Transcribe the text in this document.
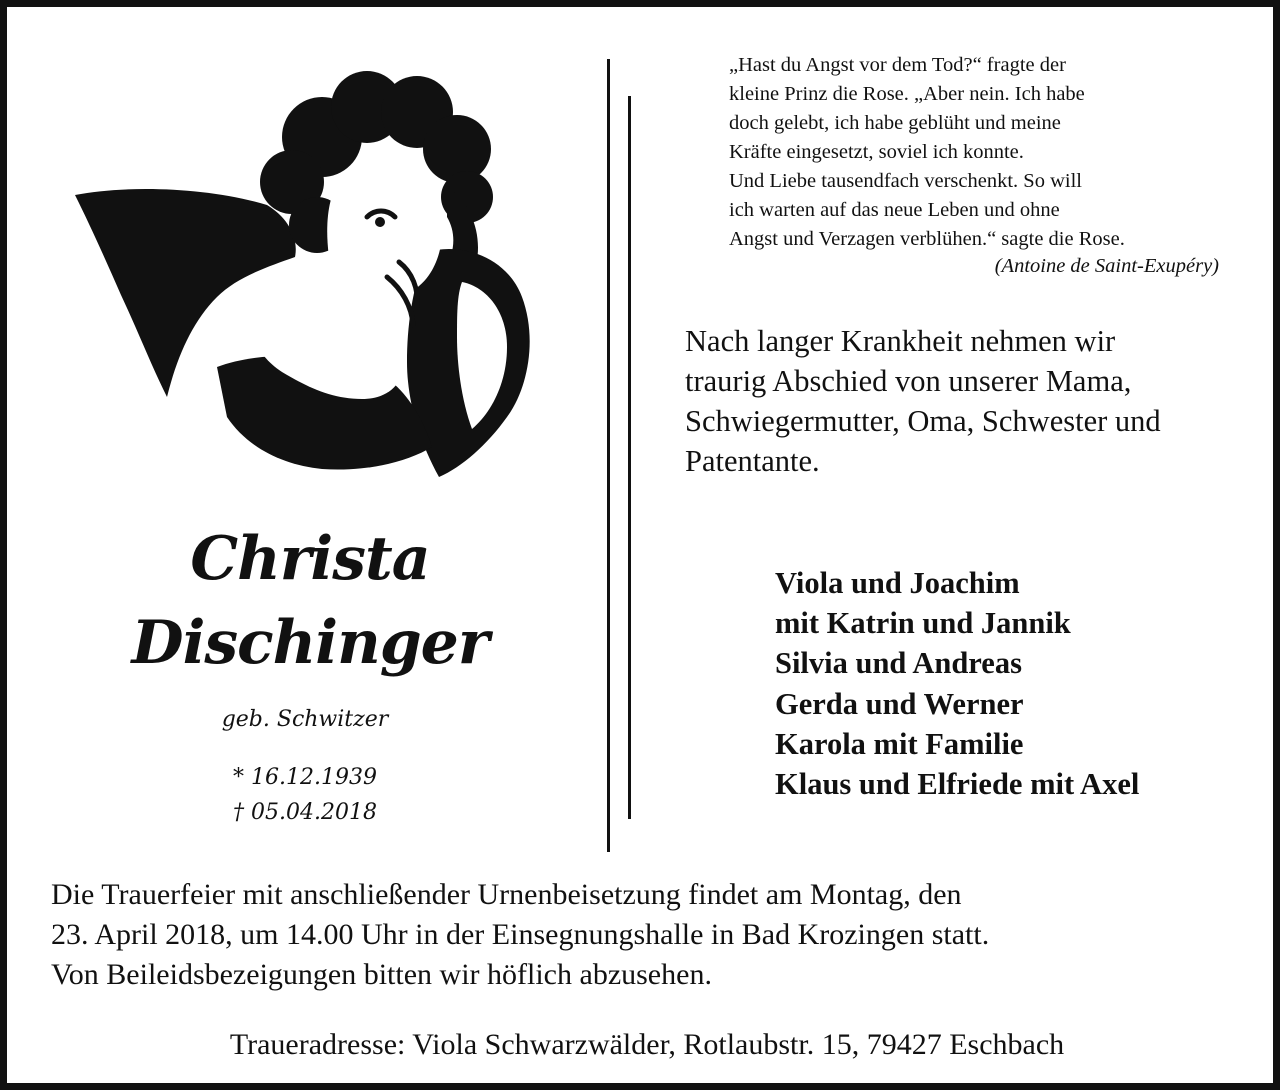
Christa
Dischinger
geb. Schwitzer
* 16.12.1939
† 05.04.2018
„Hast du Angst vor dem Tod?“ fragte der
kleine Prinz die Rose. „Aber nein. Ich habe
doch gelebt, ich habe geblüht und meine
Kräfte eingesetzt, soviel ich konnte.
Und Liebe tausendfach verschenkt. So will
ich warten auf das neue Leben und ohne
Angst und Verzagen verblühen.“ sagte die Rose.
(Antoine de Saint-Exupéry)
Nach langer Krankheit nehmen wir
traurig Abschied von unserer Mama,
Schwiegermutter, Oma, Schwester und
Patentante.
Viola und Joachim
mit Katrin und Jannik
Silvia und Andreas
Gerda und Werner
Karola mit Familie
Klaus und Elfriede mit Axel
Die Trauerfeier mit anschließender Urnenbeisetzung findet am Montag, den
23. April 2018, um 14.00 Uhr in der Einsegnungshalle in Bad Krozingen statt.
Von Beileidsbezeigungen bitten wir höflich abzusehen.
Traueradresse: Viola Schwarzwälder, Rotlaubstr. 15, 79427 Eschbach
